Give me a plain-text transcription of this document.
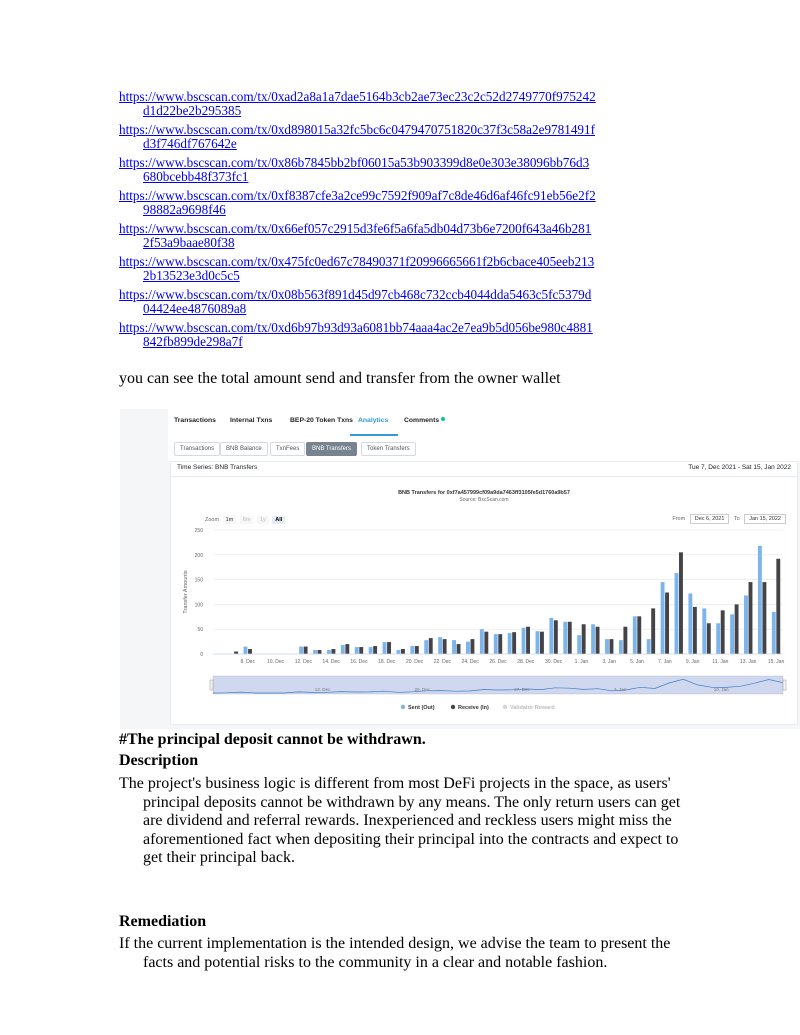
https://www.bscscan.com/tx/0xad2a8a1a7dae5164b3cb2ae73ec23c2c52d2749770f975242
d1d22be2b295385
https://www.bscscan.com/tx/0xd898015a32fc5bc6c0479470751820c37f3c58a2e9781491f
d3f746df767642e
https://www.bscscan.com/tx/0x86b7845bb2bf06015a53b903399d8e0e303e38096bb76d3
680bcebb48f373fc1
https://www.bscscan.com/tx/0xf8387cfe3a2ce99c7592f909af7c8de46d6af46fc91eb56e2f2
98882a9698f46
https://www.bscscan.com/tx/0x66ef057c2915d3fe6f5a6fa5db04d73b6e7200f643a46b281
2f53a9baae80f38
https://www.bscscan.com/tx/0x475fc0ed67c78490371f20996665661f2b6cbace405eeb213
2b13523e3d0c5c5
https://www.bscscan.com/tx/0x08b563f891d45d97cb468c732ccb4044dda5463c5fc5379d
04424ee4876089a8
https://www.bscscan.com/tx/0xd6b97b93d93a6081bb74aaa4ac2e7ea9b5d056be980c4881
842fb899de298a7f

you can see the total amount send and transfer from the owner wallet

Transactions Internal Txns	BEP-20 Token Txns Analytics Comments
Transactions	BNB Balance	TxnFees	BNB Transfers	Token Transfers
Time Series: BNB Transfers	Tue 7, Dec 2021 - Sat 15, Jan 2022
BNB Transfers for 0xf7a457999cf09a9da7463ff3105fe5d1760a9b57
Source: BscScan.com
Zoom 1m 6m 1y All	From Dec 6, 2021 To Jan 15, 2022
0
50
100
150
200
250
Transfer Amounts
8. Dec 10. Dec 12. Dec 14. Dec 16. Dec 18. Dec 20. Dec 22. Dec 24. Dec 26. Dec 28. Dec 30. Dec 1. Jan	3. Jan	5. Jan	7. Jan	9. Jan	11. Jan 13. Jan 15. Jan
13. Dec	20. Dec	27. Dec	3. Jan	10. Jan
Sent (Out)	Receive (In)	Validator Reward
#The principal deposit cannot be withdrawn.
Description

The project's business logic is different from most DeFi projects in the space, as users' principal deposits cannot be withdrawn by any means. The only return users can get are dividend and referral rewards. Inexperienced and reckless users might miss the aforementioned fact when depositing their principal into the contracts and expect to get their principal back.

Remediation

If the current implementation is the intended design, we advise the team to present the facts and potential risks to the community in a clear and notable fashion.
